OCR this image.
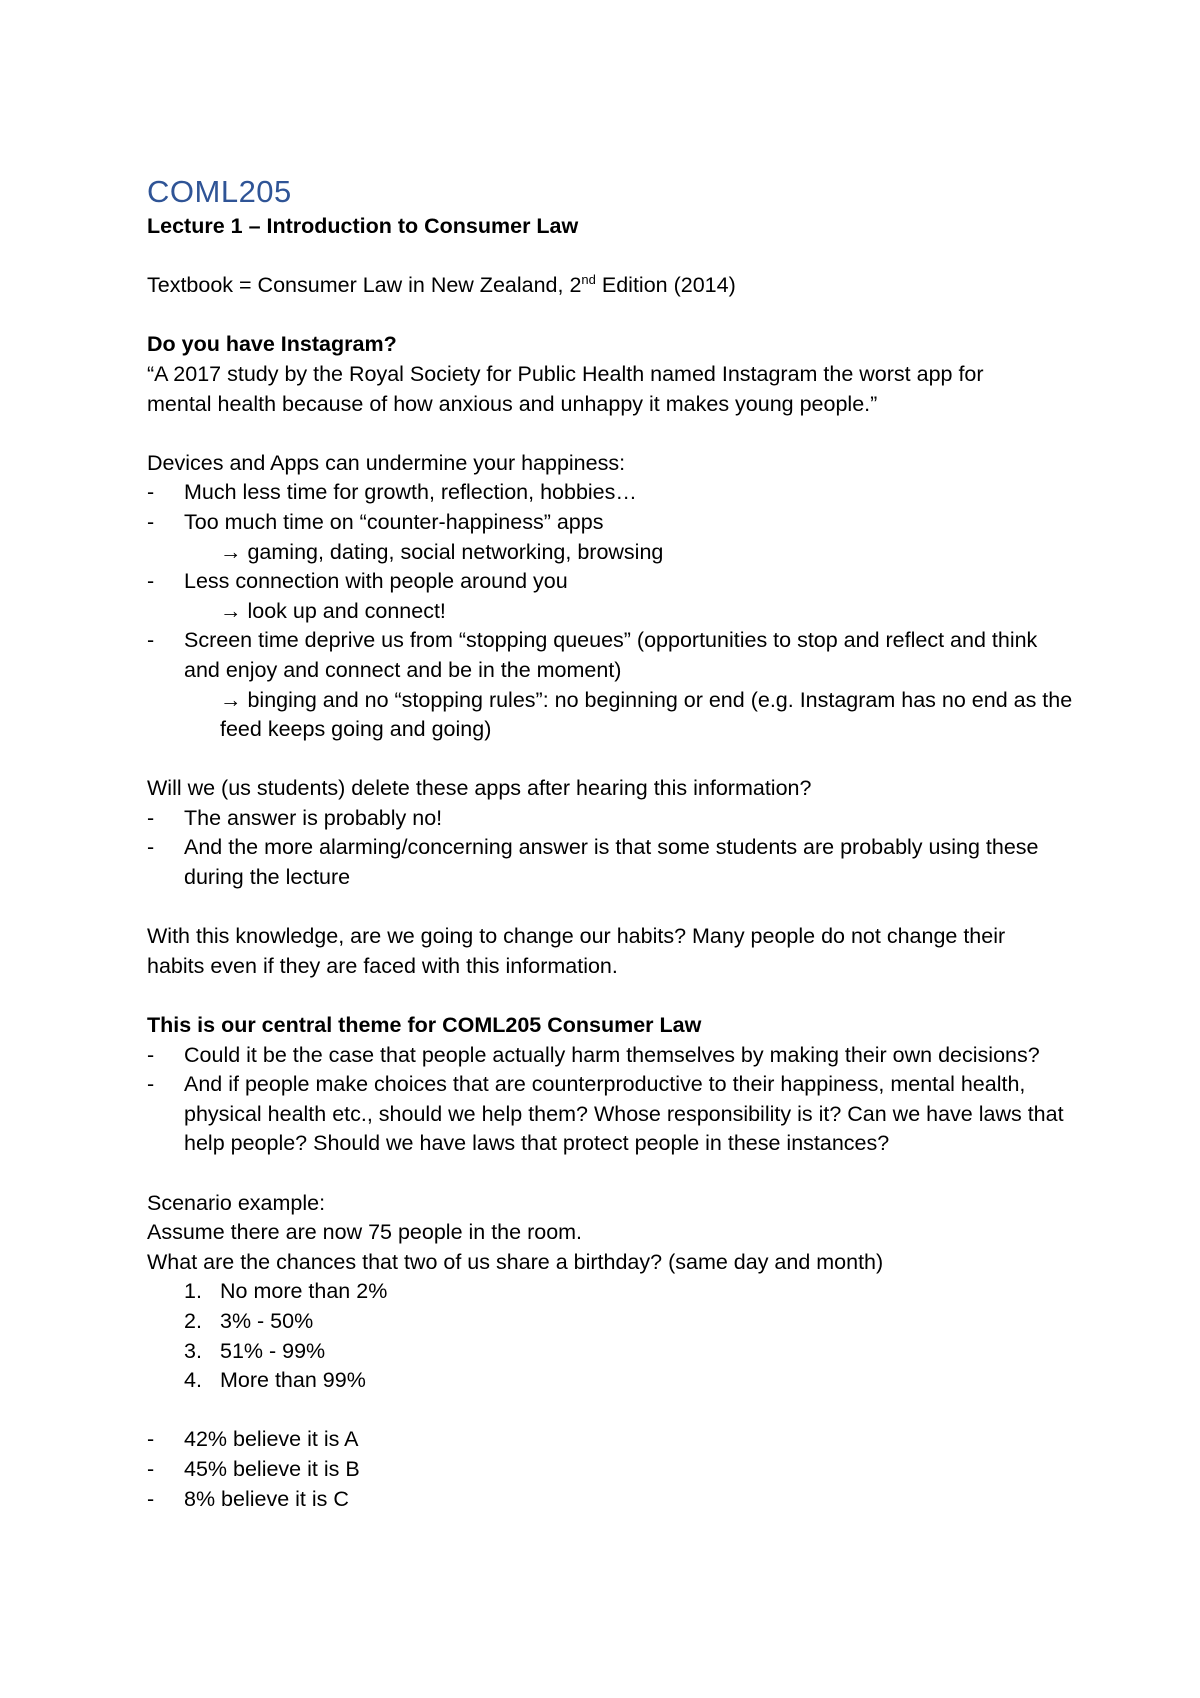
COML205

Lecture 1 – Introduction to Consumer Law

Textbook = Consumer Law in New Zealand, 2nd Edition (2014)

Do you have Instagram?

“A 2017 study by the Royal Society for Public Health named Instagram the worst app for

mental health because of how anxious and unhappy it makes young people.”

Devices and Apps can undermine your happiness:

- Much less time for growth, reflection, hobbies…
- Too much time on “counter-happiness” apps
→ gaming, dating, social networking, browsing
- Less connection with people around you
→ look up and connect!
- Screen time deprive us from “stopping queues” (opportunities to stop and reflect and think and enjoy and connect and be in the moment)
→ binging and no “stopping rules”: no beginning or end (e.g. Instagram has no end as the feed keeps going and going)

Will we (us students) delete these apps after hearing this information?

- The answer is probably no!
- And the more alarming/concerning answer is that some students are probably using these during the lecture

With this knowledge, are we going to change our habits? Many people do not change their

habits even if they are faced with this information.

This is our central theme for COML205 Consumer Law

- Could it be the case that people actually harm themselves by making their own decisions?
- And if people make choices that are counterproductive to their happiness, mental health, physical health etc., should we help them? Whose responsibility is it? Can we have laws that help people? Should we have laws that protect people in these instances?

Scenario example:

Assume there are now 75 people in the room.

What are the chances that two of us share a birthday? (same day and month)

1. No more than 2%
2. 3% - 50%
3. 51% - 99%
4. More than 99%
- 42% believe it is A
- 45% believe it is B
- 8% believe it is C
